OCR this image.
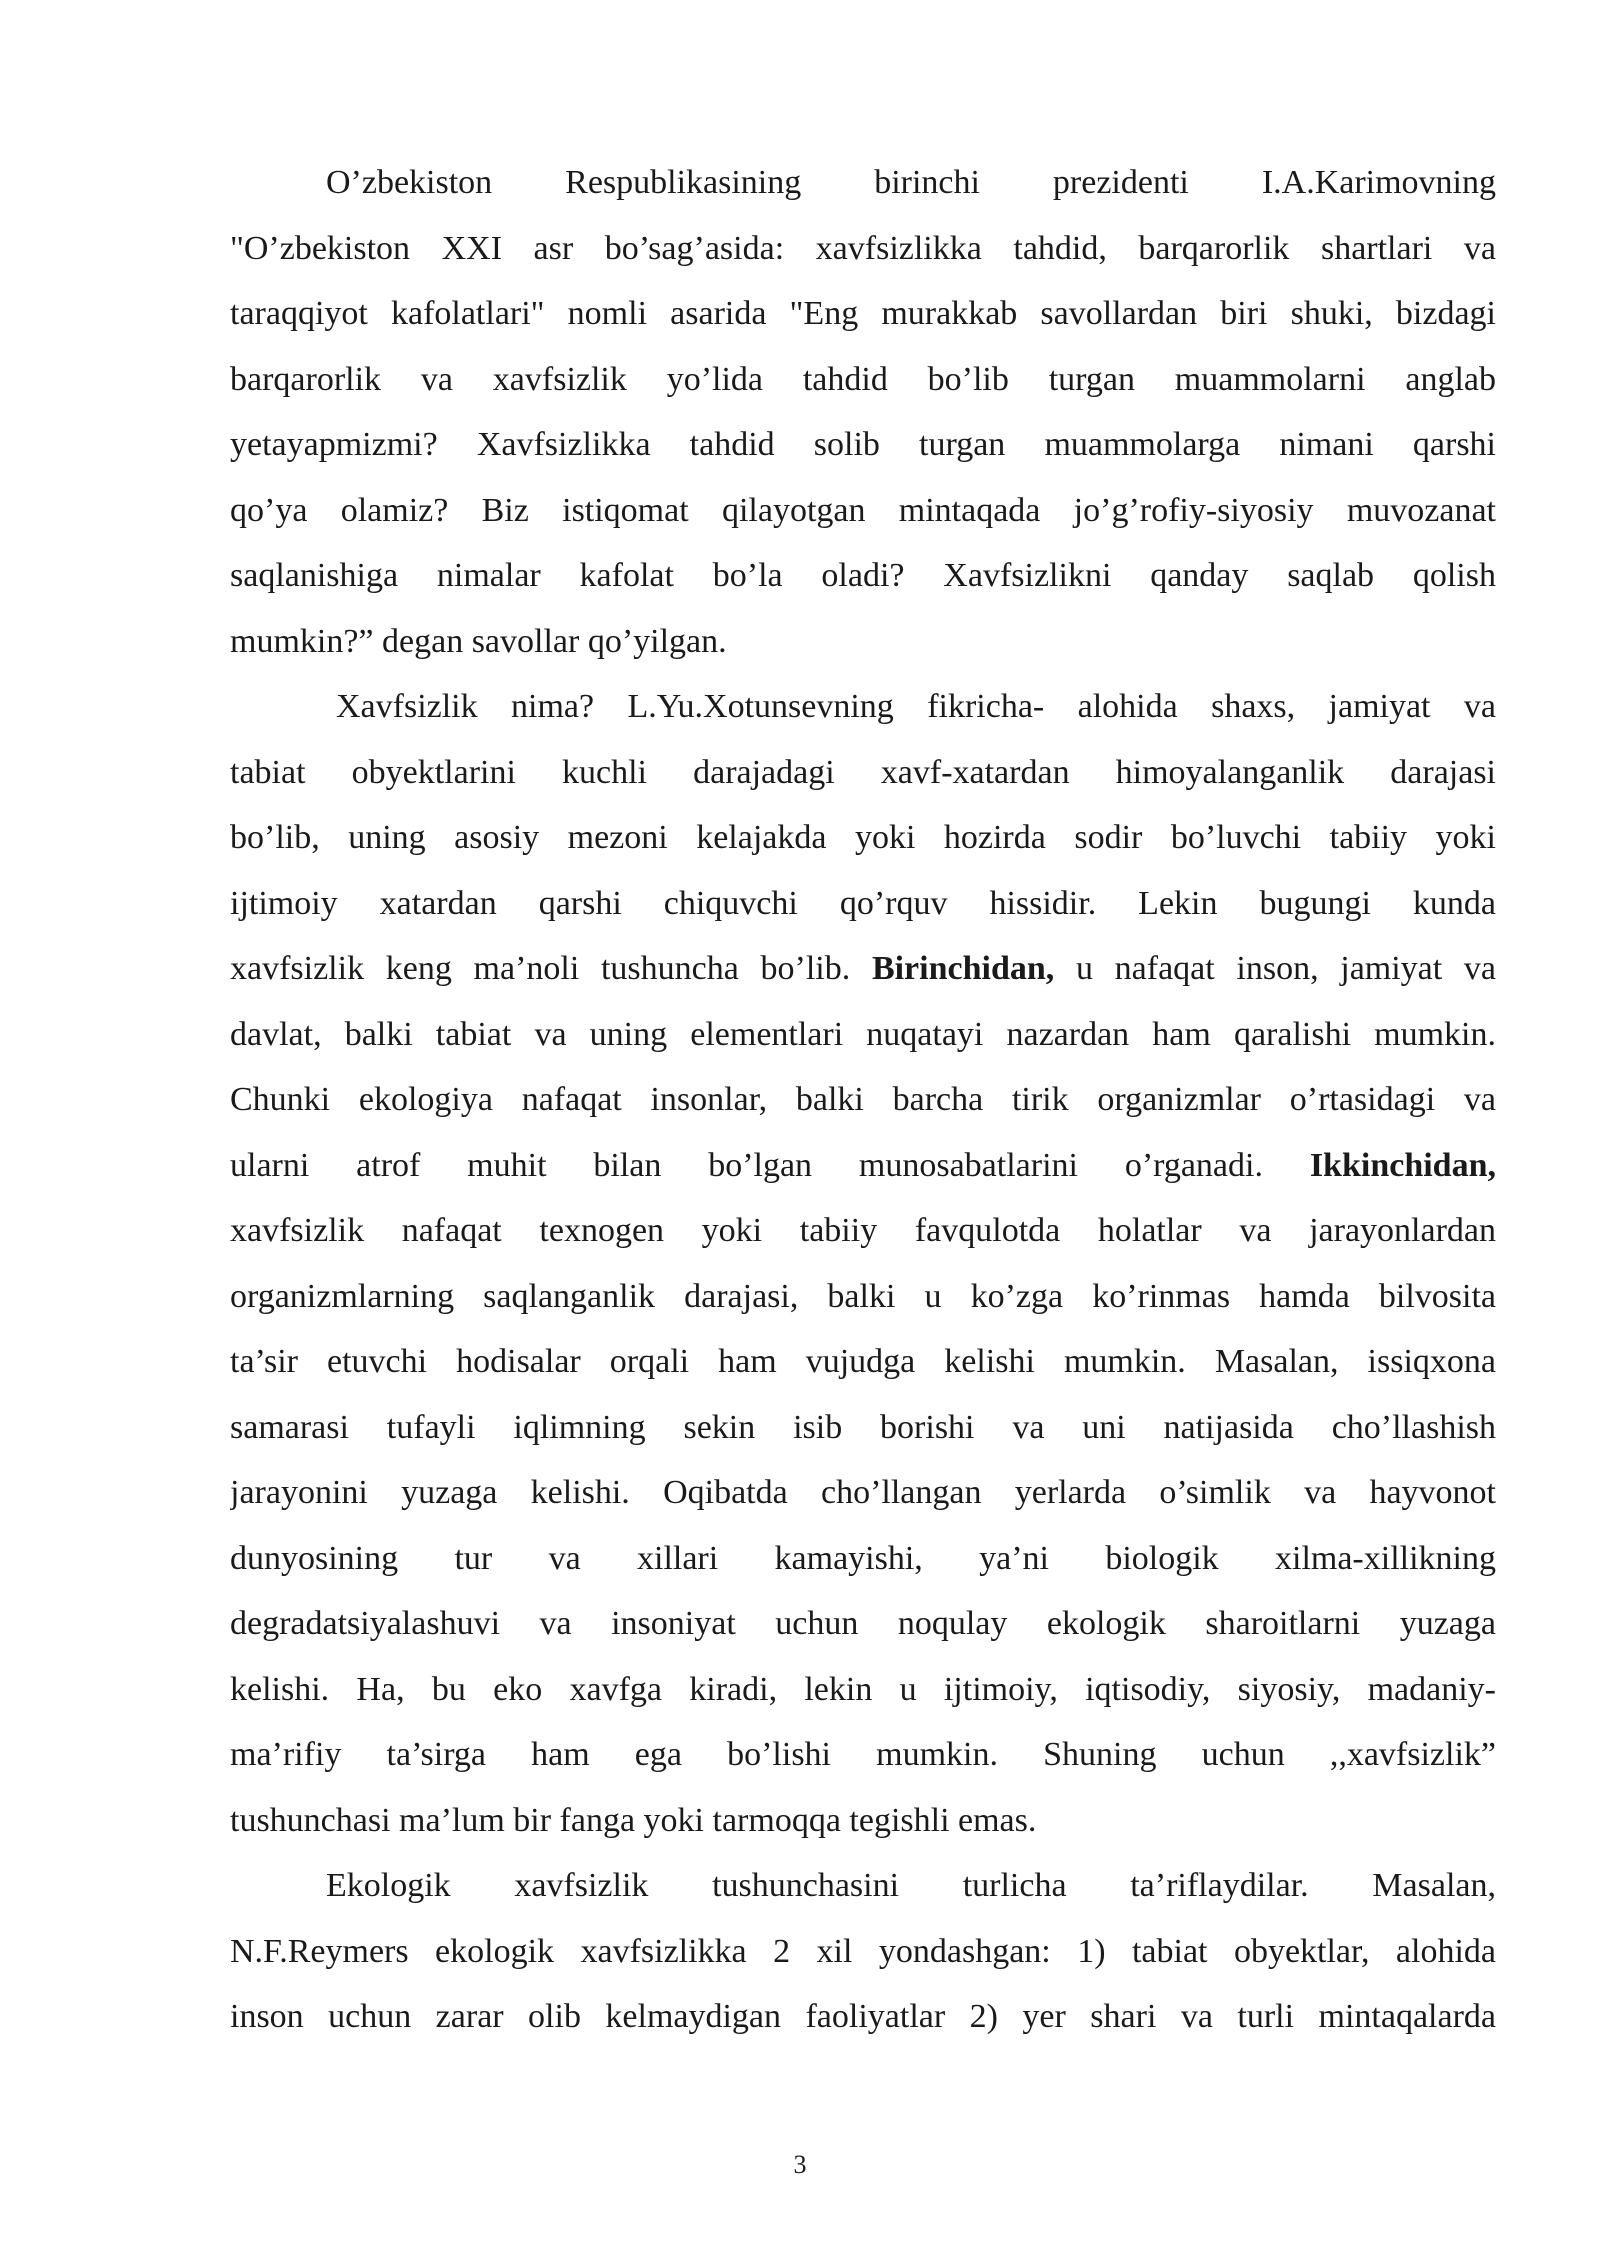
O’zbekiston Respublikasining birinchi prezidenti I.A.Karimovning
"O’zbekiston XXI asr bo’sag’asida: xavfsizlikka tahdid, barqarorlik shartlari va
taraqqiyot kafolatlari" nomli asarida "Eng murakkab savollardan biri shuki, bizdagi
barqarorlik va xavfsizlik yo’lida tahdid bo’lib turgan muammolarni anglab
yetayapmizmi? Xavfsizlikka tahdid solib turgan muammolarga nimani qarshi
qo’ya olamiz? Biz istiqomat qilayotgan mintaqada jo’g’rofiy-siyosiy muvozanat
saqlanishiga nimalar kafolat bo’la oladi? Xavfsizlikni qanday saqlab qolish
mumkin?” degan savollar qo’yilgan.
Xavfsizlik nima? L.Yu.Xotunsevning fikricha- alohida shaxs, jamiyat va
tabiat obyektlarini kuchli darajadagi xavf-xatardan himoyalanganlik darajasi
bo’lib, uning asosiy mezoni kelajakda yoki hozirda sodir bo’luvchi tabiiy yoki
ijtimoiy xatardan qarshi chiquvchi qo’rquv hissidir. Lekin bugungi kunda
xavfsizlik keng ma’noli tushuncha bo’lib. Birinchidan, u nafaqat inson, jamiyat va
davlat, balki tabiat va uning elementlari nuqatayi nazardan ham qaralishi mumkin.
Chunki ekologiya nafaqat insonlar, balki barcha tirik organizmlar o’rtasidagi va
ularni atrof muhit bilan bo’lgan munosabatlarini o’rganadi. Ikkinchidan,
xavfsizlik nafaqat texnogen yoki tabiiy favqulotda holatlar va jarayonlardan
organizmlarning saqlanganlik darajasi, balki u ko’zga ko’rinmas hamda bilvosita
ta’sir etuvchi hodisalar orqali ham vujudga kelishi mumkin. Masalan, issiqxona
samarasi tufayli iqlimning sekin isib borishi va uni natijasida cho’llashish
jarayonini yuzaga kelishi. Oqibatda cho’llangan yerlarda o’simlik va hayvonot
dunyosining tur va xillari kamayishi, ya’ni biologik xilma-xillikning
degradatsiyalashuvi va insoniyat uchun noqulay ekologik sharoitlarni yuzaga
kelishi. Ha, bu eko xavfga kiradi, lekin u ijtimoiy, iqtisodiy, siyosiy, madaniy-
ma’rifiy ta’sirga ham ega bo’lishi mumkin. Shuning uchun ,,xavfsizlik”
tushunchasi ma’lum bir fanga yoki tarmoqqa tegishli emas.
Ekologik xavfsizlik tushunchasini turlicha ta’riflaydilar. Masalan,
N.F.Reymers ekologik xavfsizlikka 2 xil yondashgan: 1) tabiat obyektlar, alohida
inson uchun zarar olib kelmaydigan faoliyatlar 2) yer shari va turli mintaqalarda
3
